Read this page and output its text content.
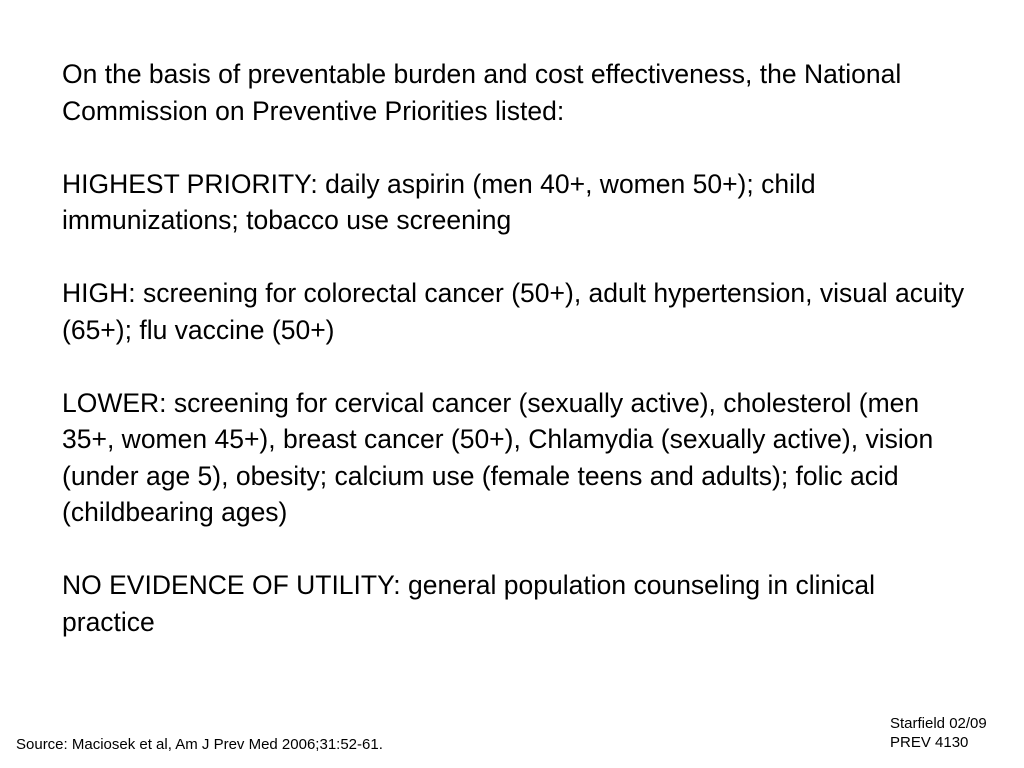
On the basis of preventable burden and cost effectiveness, the National Commission on Preventive Priorities listed:

HIGHEST PRIORITY: daily aspirin (men 40+, women 50+); child immunizations; tobacco use screening

HIGH: screening for colorectal cancer (50+), adult hypertension, visual acuity (65+); flu vaccine (50+)

LOWER: screening for cervical cancer (sexually active), cholesterol (men 35+, women 45+), breast cancer (50+), Chlamydia (sexually active), vision (under age 5), obesity; calcium use (female teens and adults); folic acid (childbearing ages)

NO EVIDENCE OF UTILITY: general population counseling in clinical practice

Source: Maciosek et al, Am J Prev Med 2006;31:52-61.
Starfield 02/09
PREV 4130
